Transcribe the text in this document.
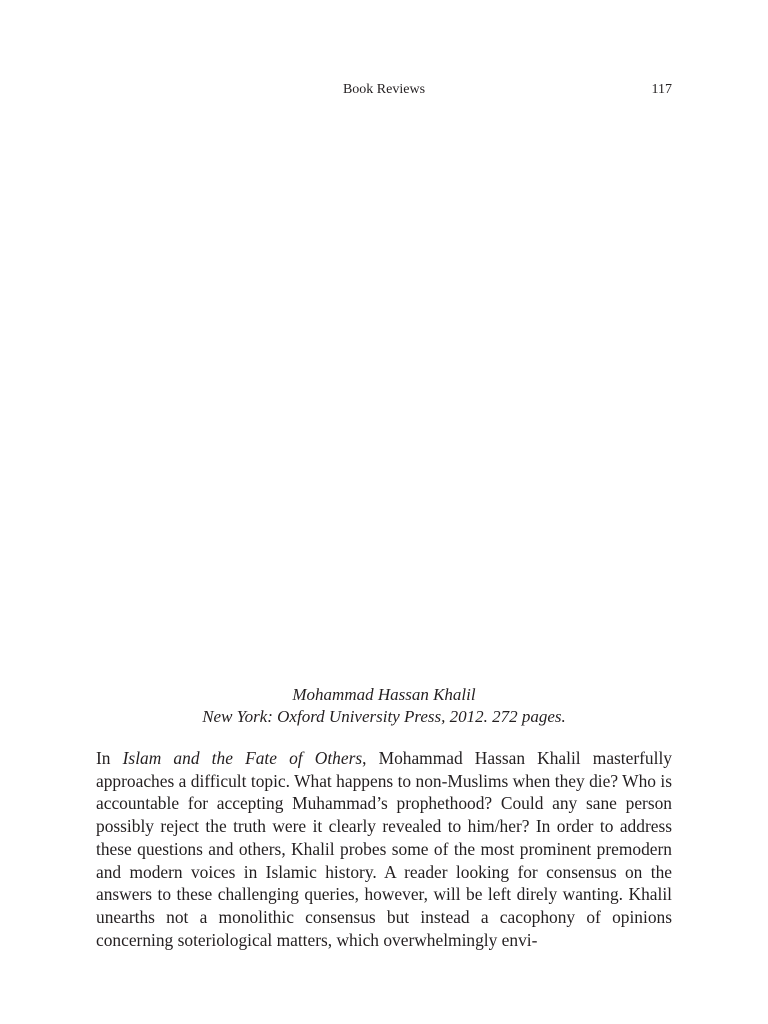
Book Reviews	117
Mohammad Hassan Khalil
New York: Oxford University Press, 2012. 272 pages.

In Islam and the Fate of Others, Mohammad Hassan Khalil masterfully approaches a difficult topic. What happens to non-Muslims when they die? Who is accountable for accepting Muhammad’s prophethood? Could any sane person possibly reject the truth were it clearly revealed to him/her? In order to address these questions and others, Khalil probes some of the most prominent premodern and modern voices in Islamic history. A reader looking for consensus on the answers to these challenging queries, however, will be left direly wanting. Khalil unearths not a monolithic consensus but instead a cacophony of opinions concerning soteriological matters, which overwhelmingly envi-
